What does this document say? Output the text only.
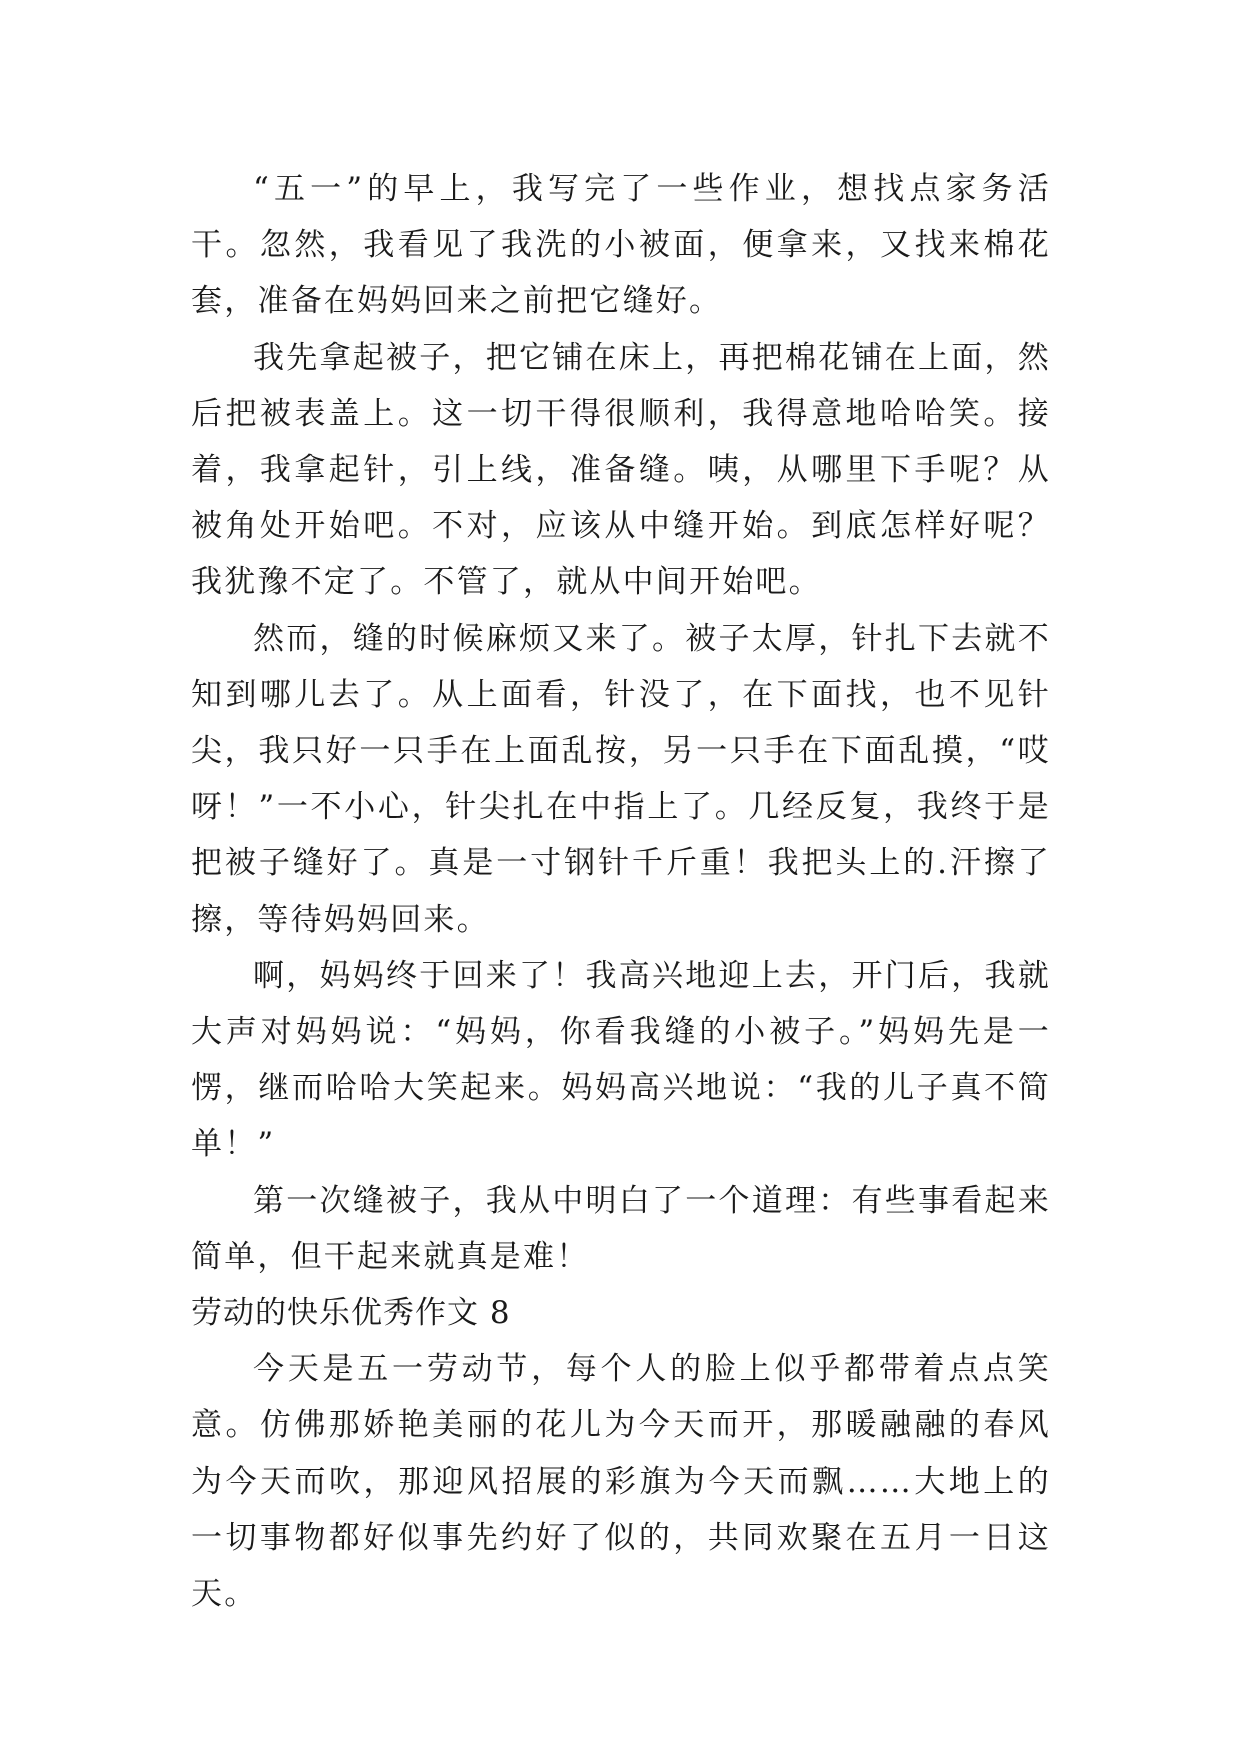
“五一”的早上，我写完了一些作业，想找点家务活干。忽然，我看见了我洗的小被面，便拿来，又找来棉花套，准备在妈妈回来之前把它缝好。

我先拿起被子，把它铺在床上，再把棉花铺在上面，然后把被表盖上。这一切干得很顺利，我得意地哈哈笑。接着，我拿起针，引上线，准备缝。咦，从哪里下手呢？从被角处开始吧。不对，应该从中缝开始。到底怎样好呢？我犹豫不定了。不管了，就从中间开始吧。

然而，缝的时候麻烦又来了。被子太厚，针扎下去就不知到哪儿去了。从上面看，针没了，在下面找，也不见针尖，我只好一只手在上面乱按，另一只手在下面乱摸，“哎呀！”一不小心，针尖扎在中指上了。几经反复，我终于是把被子缝好了。真是一寸钢针千斤重！我把头上的.汗擦了擦，等待妈妈回来。

啊，妈妈终于回来了！我高兴地迎上去，开门后，我就大声对妈妈说：“妈妈，你看我缝的小被子。”妈妈先是一愣，继而哈哈大笑起来。妈妈高兴地说：“我的儿子真不简单！”

第一次缝被子，我从中明白了一个道理：有些事看起来简单，但干起来就真是难！

劳动的快乐优秀作文 8

今天是五一劳动节，每个人的脸上似乎都带着点点笑意。仿佛那娇艳美丽的花儿为今天而开，那暖融融的春风为今天而吹，那迎风招展的彩旗为今天而飘……大地上的一切事物都好似事先约好了似的，共同欢聚在五月一日这天。
